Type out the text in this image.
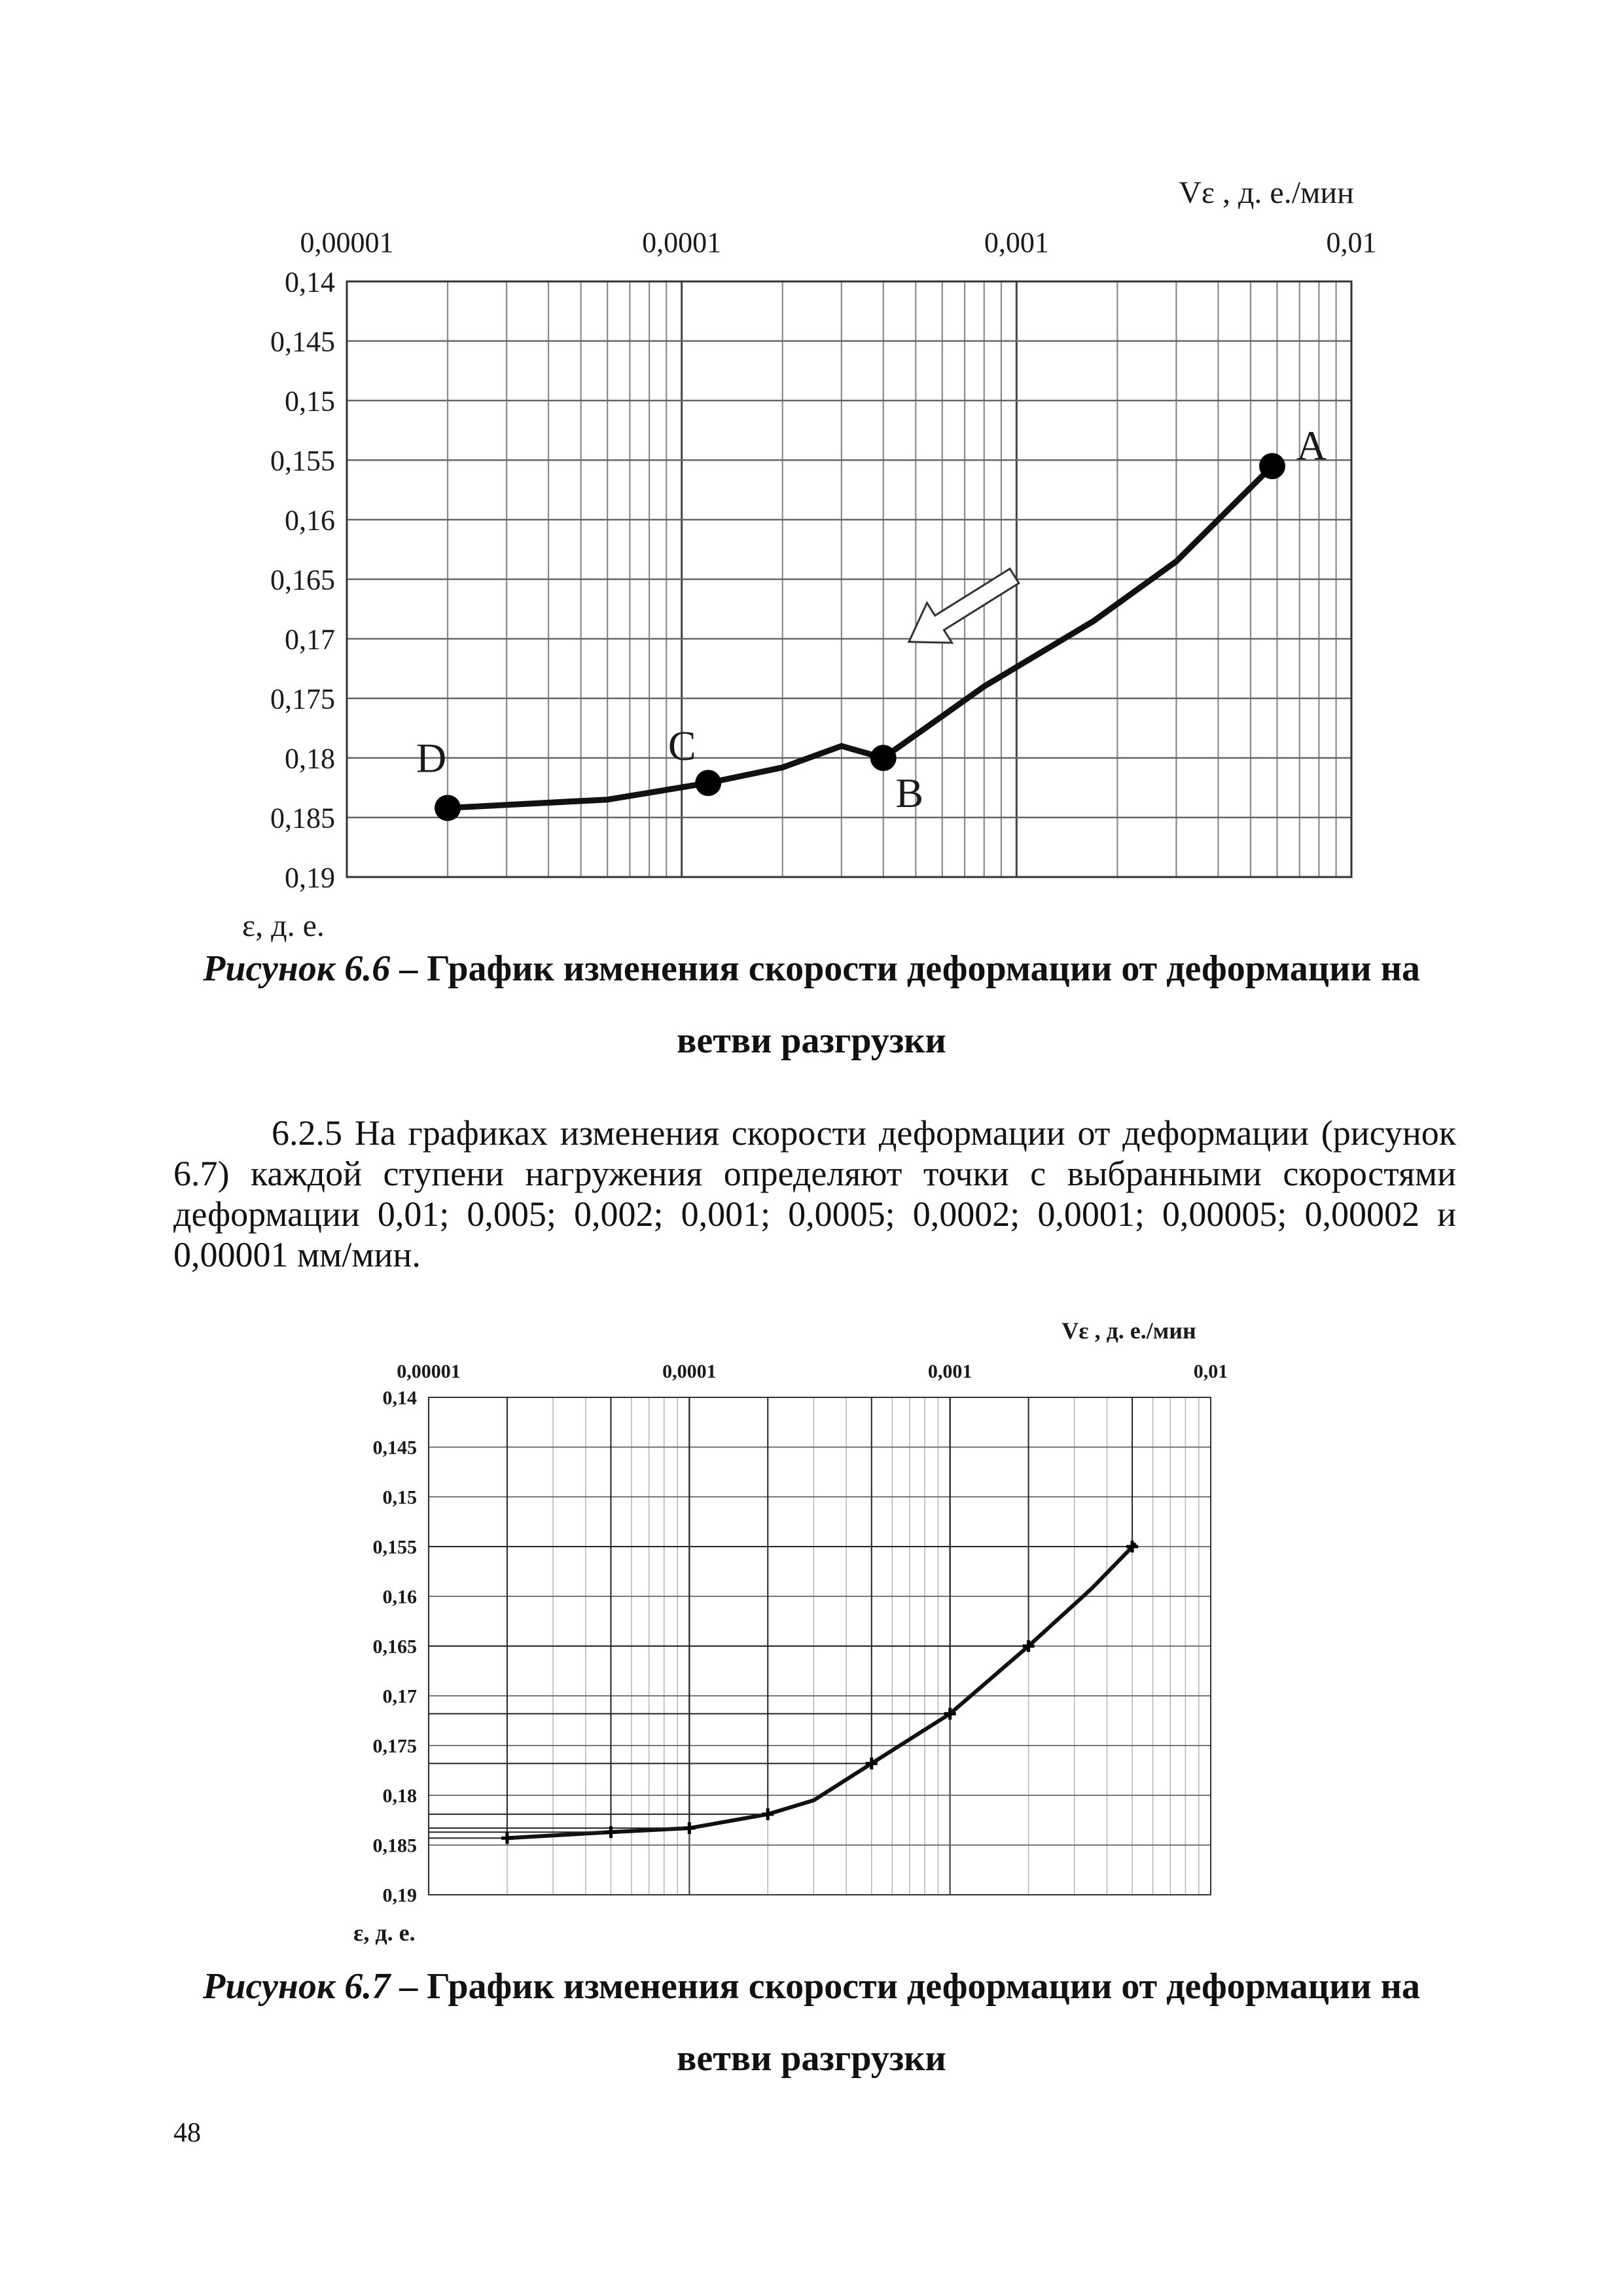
0,00001	0,0001	0,001	0,01
0,14
0,145
0,15
0,155
0,16
0,165
0,17
0,175
0,18
0,185
0,19
Vε , д. е./мин
ε, д. е.
A
B
C
D
Рисунок 6.6 – График изменения скорости деформации от деформации на ветви разгрузки

6.2.5 На графиках изменения скорости деформации от деформации (рисунок 6.7) каждой ступени нагружения определяют точки с выбранными скоростями деформации 0,01; 0,005; 0,002; 0,001; 0,0005; 0,0002; 0,0001; 0,00005; 0,00002 и 0,00001 мм/мин.

0,00001	0,0001	0,001	0,01
0,14
0,145
0,15
0,155
0,16
0,165
0,17
0,175
0,18
0,185
0,19
Vε , д. е./мин
ε, д. е.
Рисунок 6.7 – График изменения скорости деформации от деформации на ветви разгрузки
48
